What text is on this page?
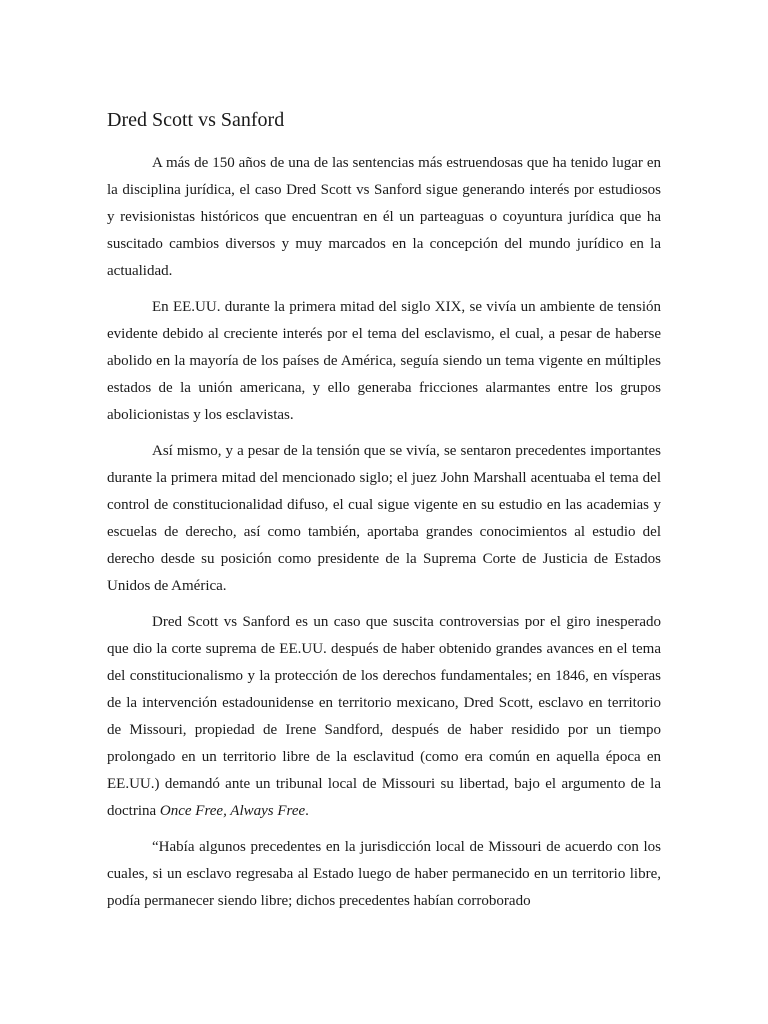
Dred Scott vs Sanford

A más de 150 años de una de las sentencias más estruendosas que ha tenido lugar en la disciplina jurídica, el caso Dred Scott vs Sanford sigue generando interés por estudiosos y revisionistas históricos que encuentran en él un parteaguas o coyuntura jurídica que ha suscitado cambios diversos y muy marcados en la concepción del mundo jurídico en la actualidad.

En EE.UU. durante la primera mitad del siglo XIX, se vivía un ambiente de tensión evidente debido al creciente interés por el tema del esclavismo, el cual, a pesar de haberse abolido en la mayoría de los países de América, seguía siendo un tema vigente en múltiples estados de la unión americana, y ello generaba fricciones alarmantes entre los grupos abolicionistas y los esclavistas.

Así mismo, y a pesar de la tensión que se vivía, se sentaron precedentes importantes durante la primera mitad del mencionado siglo; el juez John Marshall acentuaba el tema del control de constitucionalidad difuso, el cual sigue vigente en su estudio en las academias y escuelas de derecho, así como también, aportaba grandes conocimientos al estudio del derecho desde su posición como presidente de la Suprema Corte de Justicia de Estados Unidos de América.

Dred Scott vs Sanford es un caso que suscita controversias por el giro inesperado que dio la corte suprema de EE.UU. después de haber obtenido grandes avances en el tema del constitucionalismo y la protección de los derechos fundamentales; en 1846, en vísperas de la intervención estadounidense en territorio mexicano, Dred Scott, esclavo en territorio de Missouri, propiedad de Irene Sandford, después de haber residido por un tiempo prolongado en un territorio libre de la esclavitud (como era común en aquella época en EE.UU.) demandó ante un tribunal local de Missouri su libertad, bajo el argumento de la doctrina Once Free, Always Free.

“Había algunos precedentes en la jurisdicción local de Missouri de acuerdo con los cuales, si un esclavo regresaba al Estado luego de haber permanecido en un territorio libre, podía permanecer siendo libre; dichos precedentes habían corroborado
